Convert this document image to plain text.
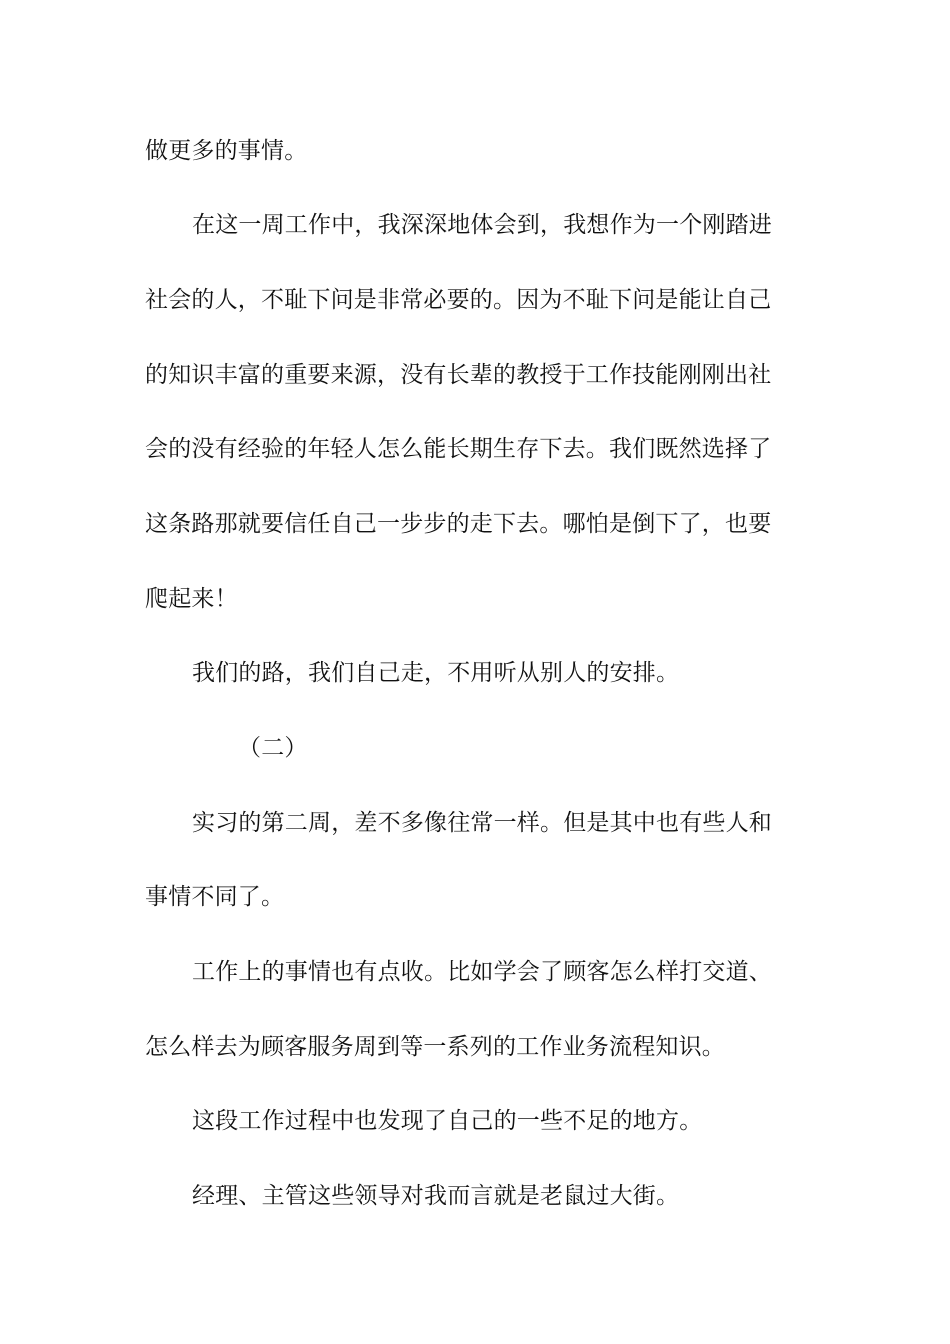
做更多的事情。
在这一周工作中，我深深地体会到，我想作为一个刚踏进
社会的人，不耻下问是非常必要的。因为不耻下问是能让自己
的知识丰富的重要来源，没有长辈的教授于工作技能刚刚出社
会的没有经验的年轻人怎么能长期生存下去。我们既然选择了
这条路那就要信任自己一步步的走下去。哪怕是倒下了，也要
爬起来！
我们的路，我们自己走，不用听从别人的安排。
（二）
实习的第二周，差不多像往常一样。但是其中也有些人和
事情不同了。
工作上的事情也有点收。比如学会了顾客怎么样打交道、
怎么样去为顾客服务周到等一系列的工作业务流程知识。
这段工作过程中也发现了自己的一些不足的地方。
经理、主管这些领导对我而言就是老鼠过大街。
